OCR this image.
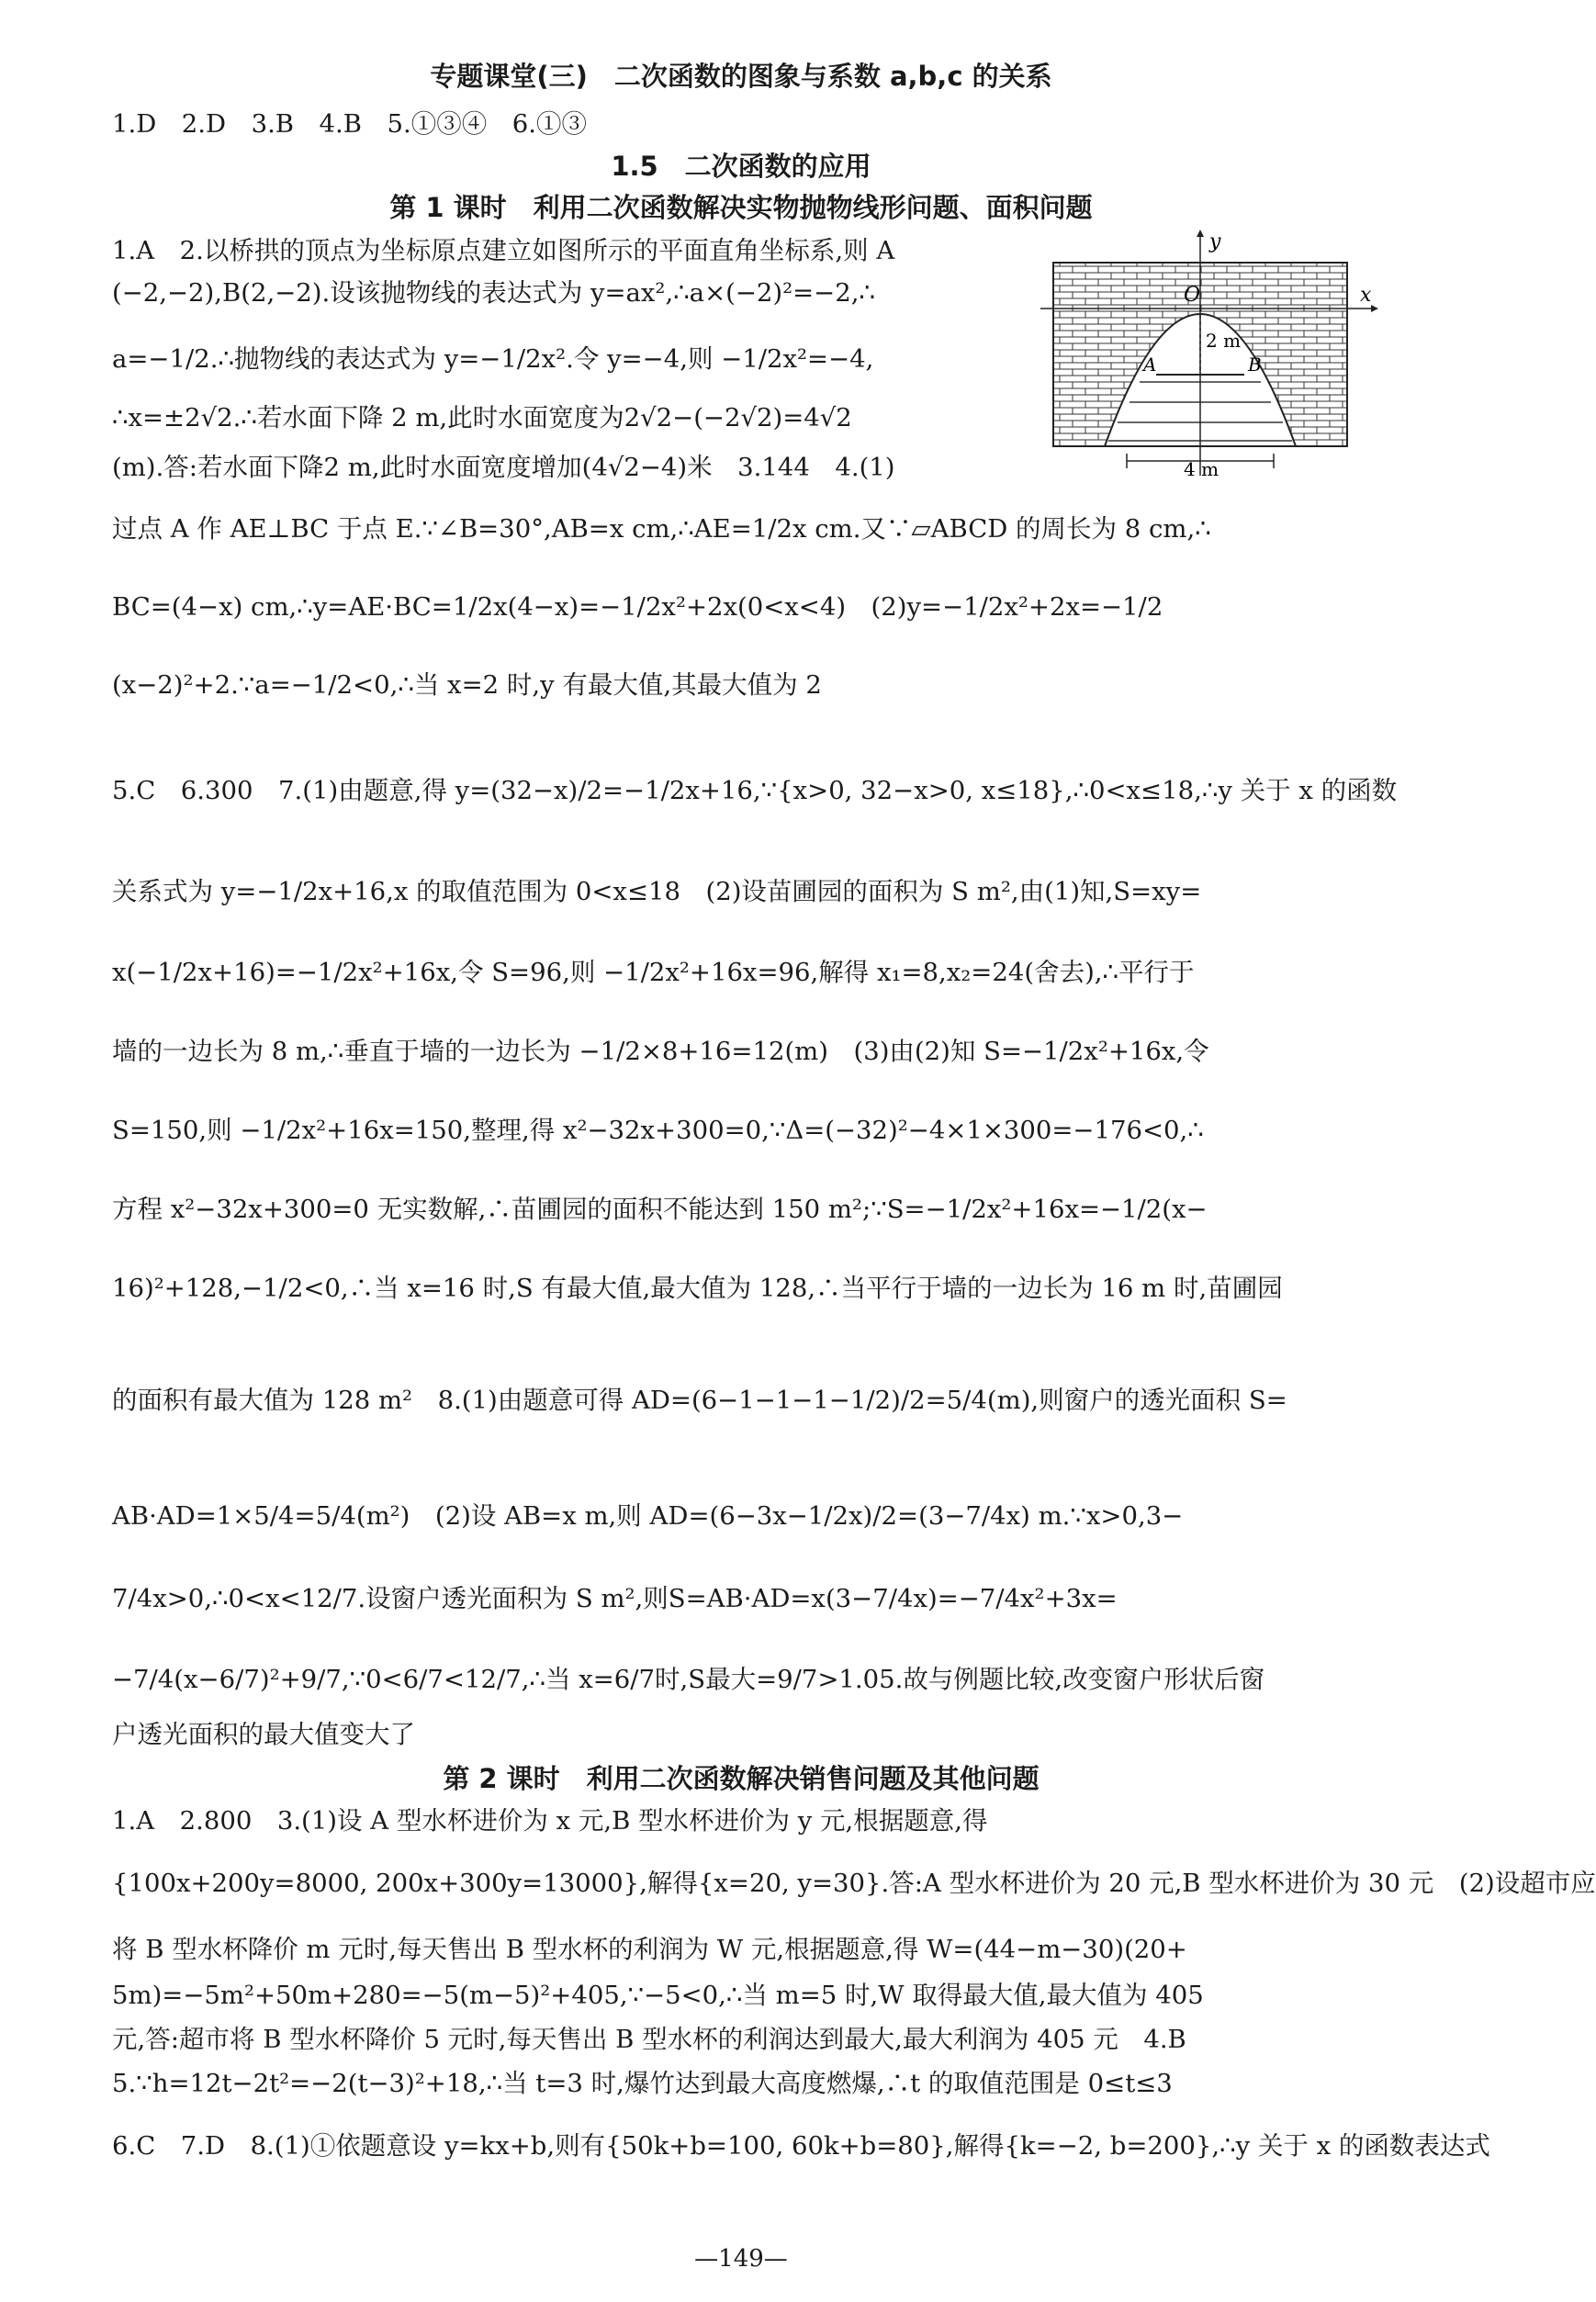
专题课堂(三)　二次函数的图象与系数 a,b,c 的关系
1.D　2.D　3.B　4.B　5.①③④　6.①③
1.5　二次函数的应用
第 1 课时　利用二次函数解决实物抛物线形问题、面积问题
1.A　2.以桥拱的顶点为坐标原点建立如图所示的平面直角坐标系,则 A
(−2,−2),B(2,−2).设该抛物线的表达式为 y=ax²,∴a×(−2)²=−2,∴
a=−1/2.∴抛物线的表达式为 y=−1/2x².令 y=−4,则 −1/2x²=−4,
∴x=±2√2.∴若水面下降 2 m,此时水面宽度为2√2−(−2√2)=4√2
(m).答:若水面下降2 m,此时水面宽度增加(4√2−4)米　3.144　4.(1)
y
x
O
A	B
2 m
4 m
过点 A 作 AE⊥BC 于点 E.∵∠B=30°,AB=x cm,∴AE=1/2x cm.又∵▱ABCD 的周长为 8 cm,∴
BC=(4−x) cm,∴y=AE·BC=1/2x(4−x)=−1/2x²+2x(0<x<4)　(2)y=−1/2x²+2x=−1/2
(x−2)²+2.∵a=−1/2<0,∴当 x=2 时,y 有最大值,其最大值为 2
5.C　6.300　7.(1)由题意,得 y=(32−x)/2=−1/2x+16,∵{x>0, 32−x>0, x≤18},∴0<x≤18,∴y 关于 x 的函数
关系式为 y=−1/2x+16,x 的取值范围为 0<x≤18　(2)设苗圃园的面积为 S m²,由(1)知,S=xy=
x(−1/2x+16)=−1/2x²+16x,令 S=96,则 −1/2x²+16x=96,解得 x₁=8,x₂=24(舍去),∴平行于
墙的一边长为 8 m,∴垂直于墙的一边长为 −1/2×8+16=12(m)　(3)由(2)知 S=−1/2x²+16x,令
S=150,则 −1/2x²+16x=150,整理,得 x²−32x+300=0,∵Δ=(−32)²−4×1×300=−176<0,∴
方程 x²−32x+300=0 无实数解,∴苗圃园的面积不能达到 150 m²;∵S=−1/2x²+16x=−1/2(x−
16)²+128,−1/2<0,∴当 x=16 时,S 有最大值,最大值为 128,∴当平行于墙的一边长为 16 m 时,苗圃园
的面积有最大值为 128 m²　8.(1)由题意可得 AD=(6−1−1−1−1/2)/2=5/4(m),则窗户的透光面积 S=
AB·AD=1×5/4=5/4(m²)　(2)设 AB=x m,则 AD=(6−3x−1/2x)/2=(3−7/4x) m.∵x>0,3−
7/4x>0,∴0<x<12/7.设窗户透光面积为 S m²,则S=AB·AD=x(3−7/4x)=−7/4x²+3x=
−7/4(x−6/7)²+9/7,∵0<6/7<12/7,∴当 x=6/7时,S最大=9/7>1.05.故与例题比较,改变窗户形状后窗
户透光面积的最大值变大了
第 2 课时　利用二次函数解决销售问题及其他问题
1.A　2.800　3.(1)设 A 型水杯进价为 x 元,B 型水杯进价为 y 元,根据题意,得
{100x+200y=8000, 200x+300y=13000},解得{x=20, y=30}.答:A 型水杯进价为 20 元,B 型水杯进价为 30 元　(2)设超市应
将 B 型水杯降价 m 元时,每天售出 B 型水杯的利润为 W 元,根据题意,得 W=(44−m−30)(20+
5m)=−5m²+50m+280=−5(m−5)²+405,∵−5<0,∴当 m=5 时,W 取得最大值,最大值为 405
元,答:超市将 B 型水杯降价 5 元时,每天售出 B 型水杯的利润达到最大,最大利润为 405 元　4.B
5.∵h=12t−2t²=−2(t−3)²+18,∴当 t=3 时,爆竹达到最大高度燃爆,∴t 的取值范围是 0≤t≤3
6.C　7.D　8.(1)①依题意设 y=kx+b,则有{50k+b=100, 60k+b=80},解得{k=−2, b=200},∴y 关于 x 的函数表达式
—149—
